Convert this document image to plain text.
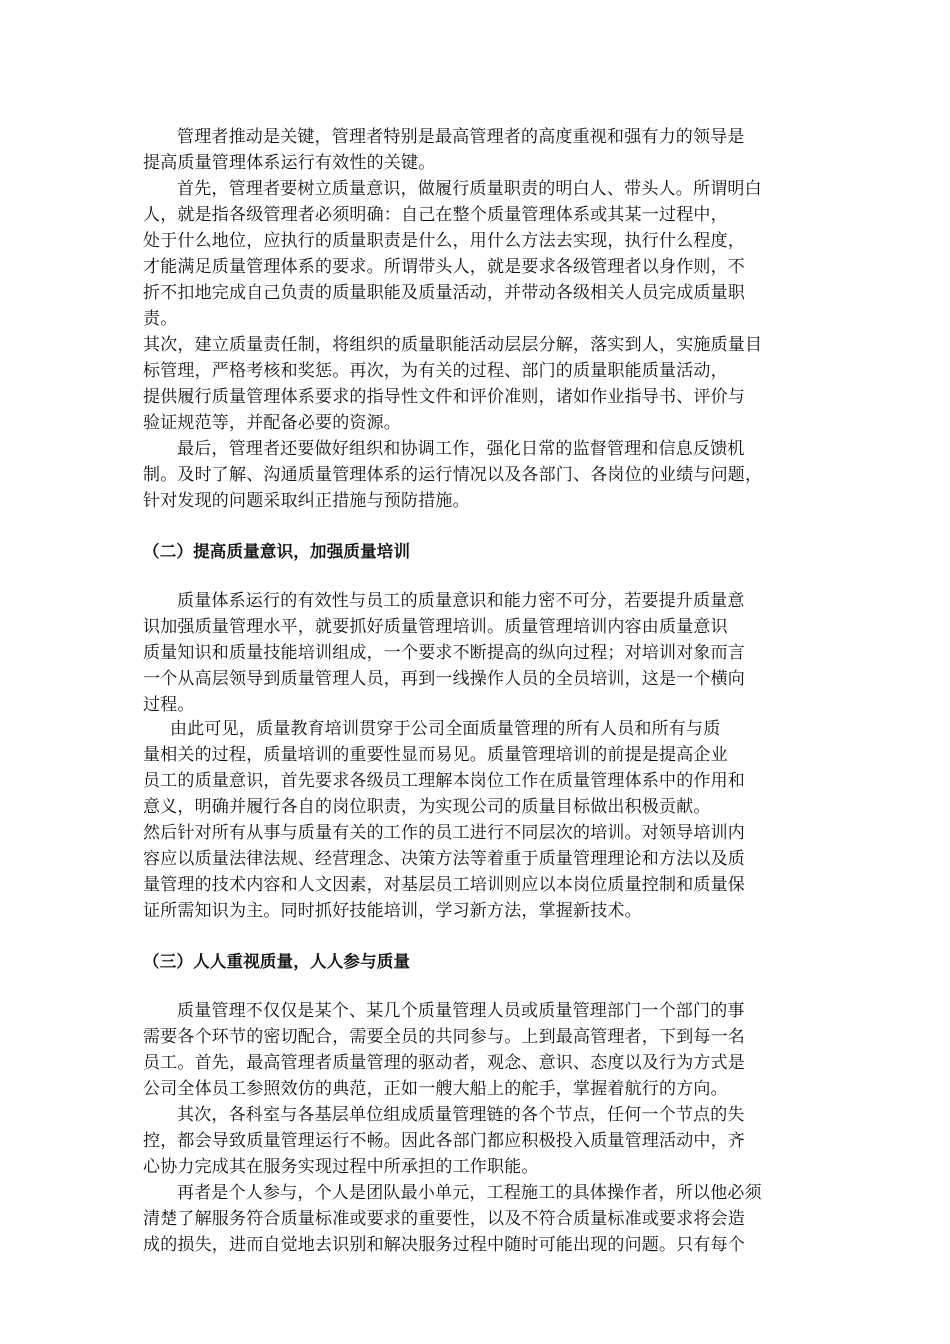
管理者推动是关键，管理者特别是最高管理者的高度重视和强有力的领导是
提高质量管理体系运行有效性的关键。
首先，管理者要树立质量意识，做履行质量职责的明白人、带头人。所谓明白
人，就是指各级管理者必须明确：自己在整个质量管理体系或其某一过程中，
处于什么地位，应执行的质量职责是什么，用什么方法去实现，执行什么程度，
才能满足质量管理体系的要求。所谓带头人，就是要求各级管理者以身作则，不
折不扣地完成自己负责的质量职能及质量活动，并带动各级相关人员完成质量职
责。
其次，建立质量责任制，将组织的质量职能活动层层分解，落实到人，实施质量目
标管理，严格考核和奖惩。再次，为有关的过程、部门的质量职能质量活动，
提供履行质量管理体系要求的指导性文件和评价准则，诸如作业指导书、评价与
验证规范等，并配备必要的资源。
最后，管理者还要做好组织和协调工作，强化日常的监督管理和信息反馈机
制。及时了解、沟通质量管理体系的运行情况以及各部门、各岗位的业绩与问题，
针对发现的问题采取纠正措施与预防措施。
（二）提高质量意识，加强质量培训
质量体系运行的有效性与员工的质量意识和能力密不可分，若要提升质量意
识加强质量管理水平，就要抓好质量管理培训。质量管理培训内容由质量意识
质量知识和质量技能培训组成，一个要求不断提高的纵向过程；对培训对象而言
一个从高层领导到质量管理人员，再到一线操作人员的全员培训，这是一个横向
过程。
由此可见，质量教育培训贯穿于公司全面质量管理的所有人员和所有与质
量相关的过程，质量培训的重要性显而易见。质量管理培训的前提是提高企业
员工的质量意识，首先要求各级员工理解本岗位工作在质量管理体系中的作用和
意义，明确并履行各自的岗位职责，为实现公司的质量目标做出积极贡献。
然后针对所有从事与质量有关的工作的员工进行不同层次的培训。对领导培训内
容应以质量法律法规、经营理念、决策方法等着重于质量管理理论和方法以及质
量管理的技术内容和人文因素，对基层员工培训则应以本岗位质量控制和质量保
证所需知识为主。同时抓好技能培训，学习新方法，掌握新技术。
（三）人人重视质量，人人参与质量
质量管理不仅仅是某个、某几个质量管理人员或质量管理部门一个部门的事
需要各个环节的密切配合，需要全员的共同参与。上到最高管理者，下到每一名
员工。首先，最高管理者质量管理的驱动者，观念、意识、态度以及行为方式是
公司全体员工参照效仿的典范，正如一艘大船上的舵手，掌握着航行的方向。
其次，各科室与各基层单位组成质量管理链的各个节点，任何一个节点的失
控，都会导致质量管理运行不畅。因此各部门都应积极投入质量管理活动中，齐
心协力完成其在服务实现过程中所承担的工作职能。
再者是个人参与，个人是团队最小单元，工程施工的具体操作者，所以他必须
清楚了解服务符合质量标准或要求的重要性，以及不符合质量标准或要求将会造
成的损失，进而自觉地去识别和解决服务过程中随时可能出现的问题。只有每个
